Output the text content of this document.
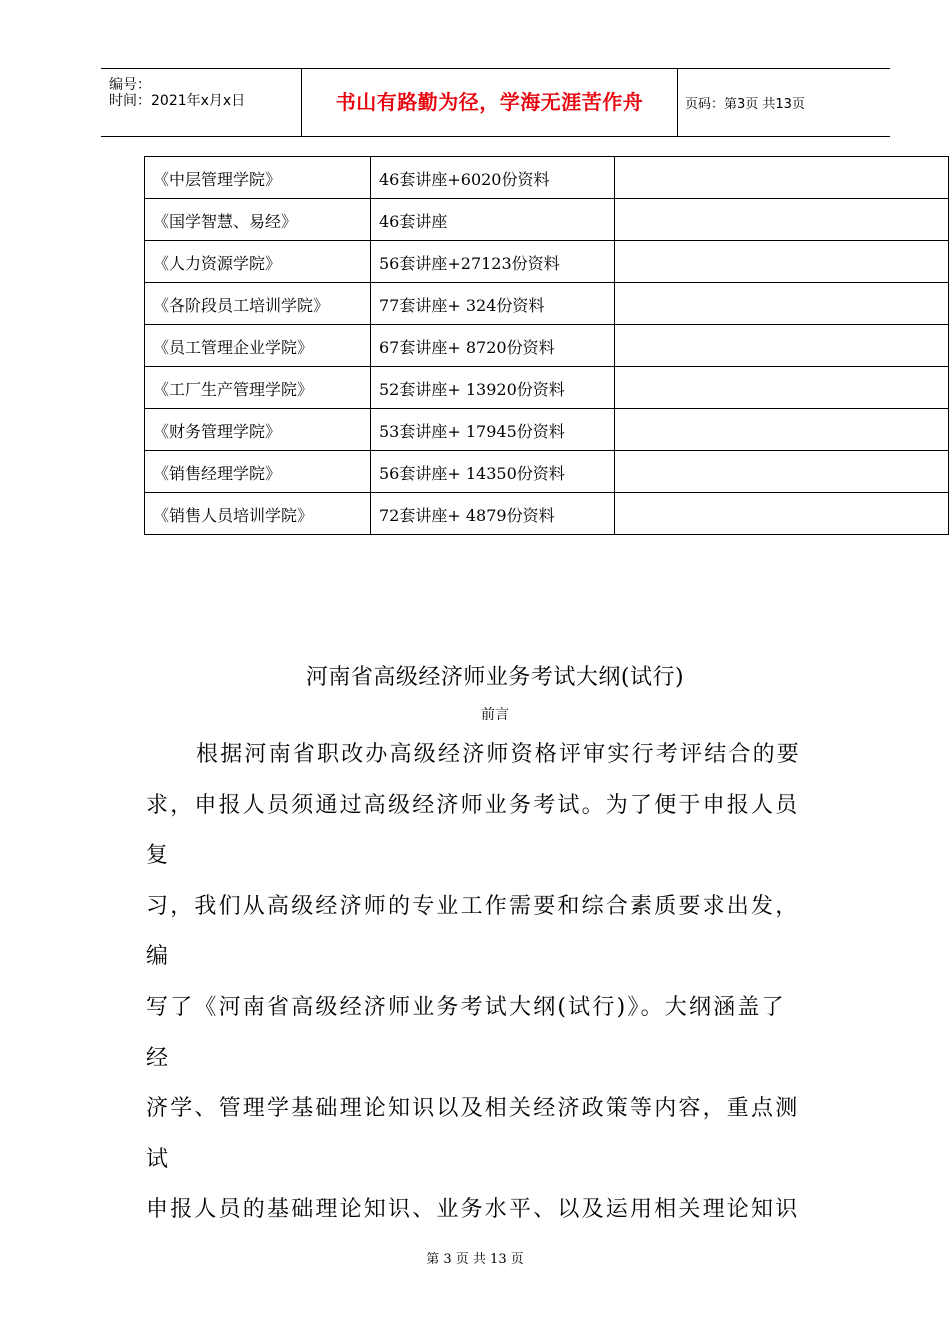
编号：
时间：2021年x月x日	书山有路勤为径，学海无涯苦作舟	页码：第3页 共13页
《中层管理学院》	46套讲座+6020份资料	
《国学智慧、易经》	46套讲座	
《人力资源学院》	56套讲座+27123份资料	
《各阶段员工培训学院》	77套讲座+ 324份资料	
《员工管理企业学院》	67套讲座+ 8720份资料	
《工厂生产管理学院》	52套讲座+ 13920份资料	
《财务管理学院》	53套讲座+ 17945份资料	
《销售经理学院》	56套讲座+ 14350份资料	
《销售人员培训学院》	72套讲座+ 4879份资料	
河南省高级经济师业务考试大纲(试行)
前言
根据河南省职改办高级经济师资格评审实行考评结合的要
求，申报人员须通过高级经济师业务考试。为了便于申报人员
复
习，我们从高级经济师的专业工作需要和综合素质要求出发，
编
写了《河南省高级经济师业务考试大纲(试行)》。大纲涵盖了
经
济学、管理学基础理论知识以及相关经济政策等内容，重点测
试
申报人员的基础理论知识、业务水平、以及运用相关理论知识
第 3 页 共 13 页
